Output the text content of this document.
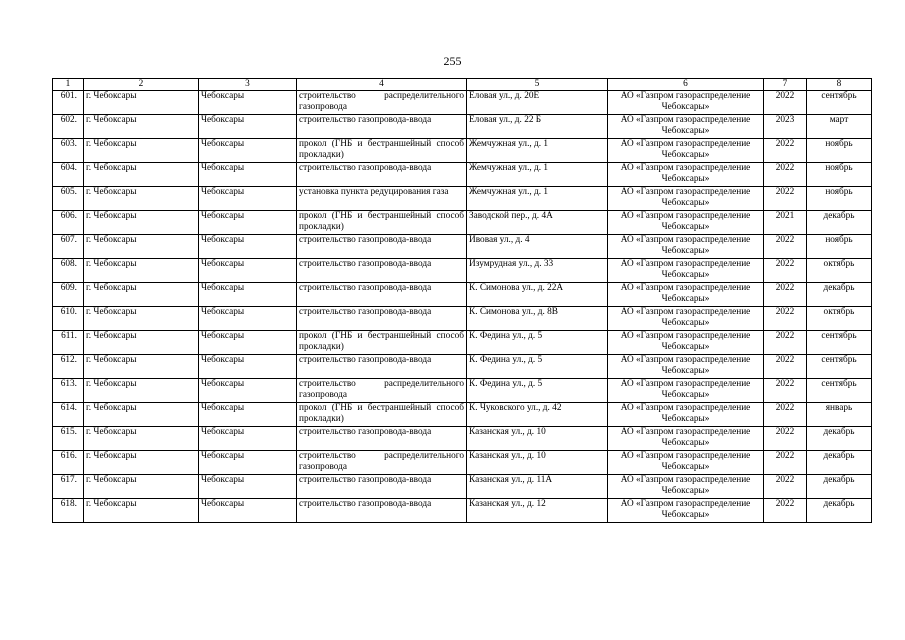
255
1	2	3	4	5	6	7	8
601.	г. Чебоксары	Чебоксары	строительство распределительного газопровода	Еловая ул., д. 20Е	АО «Газпром газораспределение Чебоксары»	2022	сентябрь
602.	г. Чебоксары	Чебоксары	строительство газопровода-ввода	Еловая ул., д. 22 Б	АО «Газпром газораспределение Чебоксары»	2023	март
603.	г. Чебоксары	Чебоксары	прокол (ГНБ и бестраншейный способ прокладки)	Жемчужная ул., д. 1	АО «Газпром газораспределение Чебоксары»	2022	ноябрь
604.	г. Чебоксары	Чебоксары	строительство газопровода-ввода	Жемчужная ул., д. 1	АО «Газпром газораспределение Чебоксары»	2022	ноябрь
605.	г. Чебоксары	Чебоксары	установка пункта редуцирования газа	Жемчужная ул., д. 1	АО «Газпром газораспределение Чебоксары»	2022	ноябрь
606.	г. Чебоксары	Чебоксары	прокол (ГНБ и бестраншейный способ прокладки)	Заводской пер., д. 4А	АО «Газпром газораспределение Чебоксары»	2021	декабрь
607.	г. Чебоксары	Чебоксары	строительство газопровода-ввода	Ивовая ул., д. 4	АО «Газпром газораспределение Чебоксары»	2022	ноябрь
608.	г. Чебоксары	Чебоксары	строительство газопровода-ввода	Изумрудная ул., д. 33	АО «Газпром газораспределение Чебоксары»	2022	октябрь
609.	г. Чебоксары	Чебоксары	строительство газопровода-ввода	К. Симонова ул., д. 22А	АО «Газпром газораспределение Чебоксары»	2022	декабрь
610.	г. Чебоксары	Чебоксары	строительство газопровода-ввода	К. Симонова ул., д. 8В	АО «Газпром газораспределение Чебоксары»	2022	октябрь
611.	г. Чебоксары	Чебоксары	прокол (ГНБ и бестраншейный способ прокладки)	К. Федина ул., д. 5	АО «Газпром газораспределение Чебоксары»	2022	сентябрь
612.	г. Чебоксары	Чебоксары	строительство газопровода-ввода	К. Федина ул., д. 5	АО «Газпром газораспределение Чебоксары»	2022	сентябрь
613.	г. Чебоксары	Чебоксары	строительство распределительного газопровода	К. Федина ул., д. 5	АО «Газпром газораспределение Чебоксары»	2022	сентябрь
614.	г. Чебоксары	Чебоксары	прокол (ГНБ и бестраншейный способ прокладки)	К. Чуковского ул., д. 42	АО «Газпром газораспределение Чебоксары»	2022	январь
615.	г. Чебоксары	Чебоксары	строительство газопровода-ввода	Казанская ул., д. 10	АО «Газпром газораспределение Чебоксары»	2022	декабрь
616.	г. Чебоксары	Чебоксары	строительство распределительного газопровода	Казанская ул., д. 10	АО «Газпром газораспределение Чебоксары»	2022	декабрь
617.	г. Чебоксары	Чебоксары	строительство газопровода-ввода	Казанская ул., д. 11А	АО «Газпром газораспределение Чебоксары»	2022	декабрь
618.	г. Чебоксары	Чебоксары	строительство газопровода-ввода	Казанская ул., д. 12	АО «Газпром газораспределение Чебоксары»	2022	декабрь
